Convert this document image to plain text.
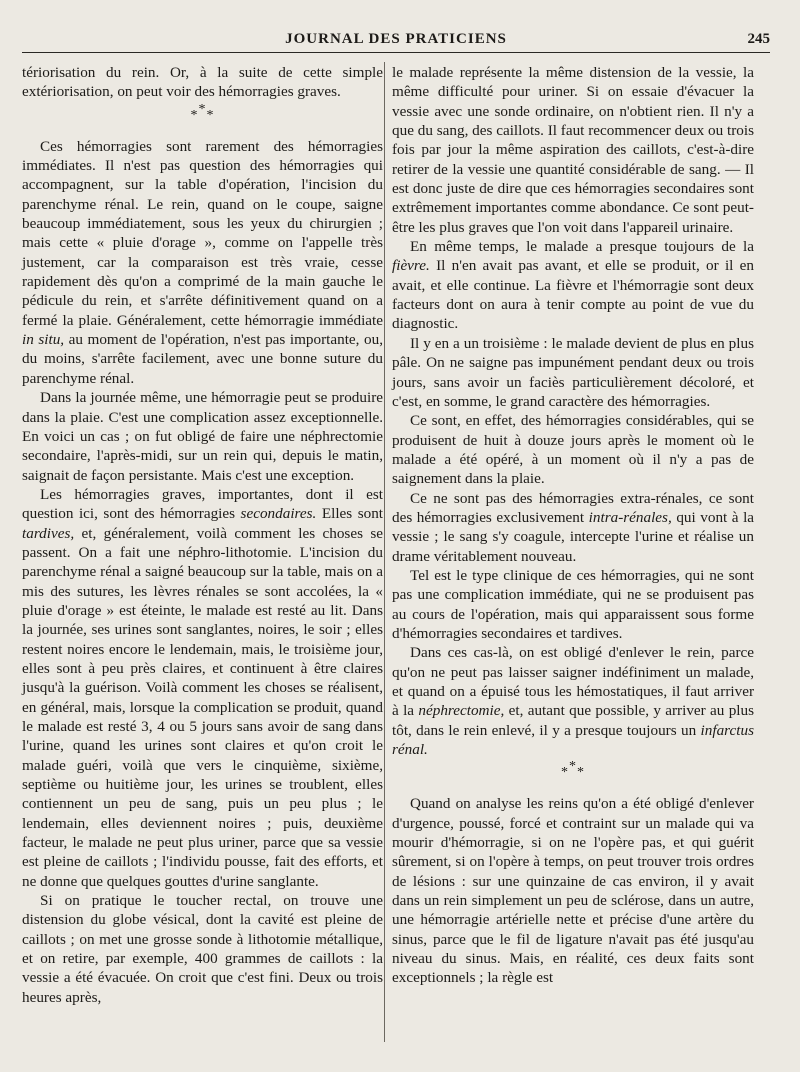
JOURNAL DES PRATICIENS	245

tériorisation du rein. Or, à la suite de cette simple extériorisation, on peut voir des hémorragies graves.

***

Ces hémorragies sont rarement des hémorragies immédiates. Il n'est pas question des hémorragies qui accompagnent, sur la table d'opération, l'incision du parenchyme rénal. Le rein, quand on le coupe, saigne beaucoup immédiatement, sous les yeux du chirurgien ; mais cette « pluie d'orage », comme on l'appelle très justement, car la comparaison est très vraie, cesse rapidement dès qu'on a comprimé de la main gauche le pédicule du rein, et s'arrête définitivement quand on a fermé la plaie. Généralement, cette hémorragie immédiate in situ, au moment de l'opération, n'est pas importante, ou, du moins, s'arrête facilement, avec une bonne suture du parenchyme rénal.

Dans la journée même, une hémorragie peut se produire dans la plaie. C'est une complication assez exceptionnelle. En voici un cas ; on fut obligé de faire une néphrectomie secondaire, l'après-midi, sur un rein qui, depuis le matin, saignait de façon persistante. Mais c'est une exception.

Les hémorragies graves, importantes, dont il est question ici, sont des hémorragies secondaires. Elles sont tardives, et, généralement, voilà comment les choses se passent. On a fait une néphro-lithotomie. L'incision du parenchyme rénal a saigné beaucoup sur la table, mais on a mis des sutures, les lèvres rénales se sont accolées, la « pluie d'orage » est éteinte, le malade est resté au lit. Dans la journée, ses urines sont sanglantes, noires, le soir ; elles restent noires encore le lendemain, mais, le troisième jour, elles sont à peu près claires, et continuent à être claires jusqu'à la guérison. Voilà comment les choses se réalisent, en général, mais, lorsque la complication se produit, quand le malade est resté 3, 4 ou 5 jours sans avoir de sang dans l'urine, quand les urines sont claires et qu'on croit le malade guéri, voilà que vers le cinquième, sixième, septième ou huitième jour, les urines se troublent, elles contiennent un peu de sang, puis un peu plus ; le lendemain, elles deviennent noires ; puis, deuxième facteur, le malade ne peut plus uriner, parce que sa vessie est pleine de caillots ; l'individu pousse, fait des efforts, et ne donne que quelques gouttes d'urine sanglante.

Si on pratique le toucher rectal, on trouve une distension du globe vésical, dont la cavité est pleine de caillots ; on met une grosse sonde à lithotomie métallique, et on retire, par exemple, 400 grammes de caillots : la vessie a été évacuée. On croit que c'est fini. Deux ou trois heures après,

le malade représente la même distension de la vessie, la même difficulté pour uriner. Si on essaie d'évacuer la vessie avec une sonde ordinaire, on n'obtient rien. Il n'y a que du sang, des caillots. Il faut recommencer deux ou trois fois par jour la même aspiration des caillots, c'est-à-dire retirer de la vessie une quantité considérable de sang. — Il est donc juste de dire que ces hémorragies secondaires sont extrêmement importantes comme abondance. Ce sont peut-être les plus graves que l'on voit dans l'appareil urinaire.

En même temps, le malade a presque toujours de la fièvre. Il n'en avait pas avant, et elle se produit, or il en avait, et elle continue. La fièvre et l'hémorragie sont deux facteurs dont on aura à tenir compte au point de vue du diagnostic.

Il y en a un troisième : le malade devient de plus en plus pâle. On ne saigne pas impunément pendant deux ou trois jours, sans avoir un faciès particulièrement décoloré, et c'est, en somme, le grand caractère des hémorragies.

Ce sont, en effet, des hémorragies considérables, qui se produisent de huit à douze jours après le moment où le malade a été opéré, à un moment où il n'y a pas de saignement dans la plaie.

Ce ne sont pas des hémorragies extra-rénales, ce sont des hémorragies exclusivement intra-rénales, qui vont à la vessie ; le sang s'y coagule, intercepte l'urine et réalise un drame véritablement nouveau.

Tel est le type clinique de ces hémorragies, qui ne sont pas une complication immédiate, qui ne se produisent pas au cours de l'opération, mais qui apparaissent sous forme d'hémorragies secondaires et tardives.

Dans ces cas-là, on est obligé d'enlever le rein, parce qu'on ne peut pas laisser saigner indéfiniment un malade, et quand on a épuisé tous les hémostatiques, il faut arriver à la néphrectomie, et, autant que possible, y arriver au plus tôt, dans le rein enlevé, il y a presque toujours un infarctus rénal.

***

Quand on analyse les reins qu'on a été obligé d'enlever d'urgence, poussé, forcé et contraint sur un malade qui va mourir d'hémorragie, si on ne l'opère pas, et qui guérit sûrement, si on l'opère à temps, on peut trouver trois ordres de lésions : sur une quinzaine de cas environ, il y avait dans un rein simplement un peu de sclérose, dans un autre, une hémorragie artérielle nette et précise d'une artère du sinus, parce que le fil de ligature n'avait pas été jusqu'au niveau du sinus. Mais, en réalité, ces deux faits sont exceptionnels ; la règle est
